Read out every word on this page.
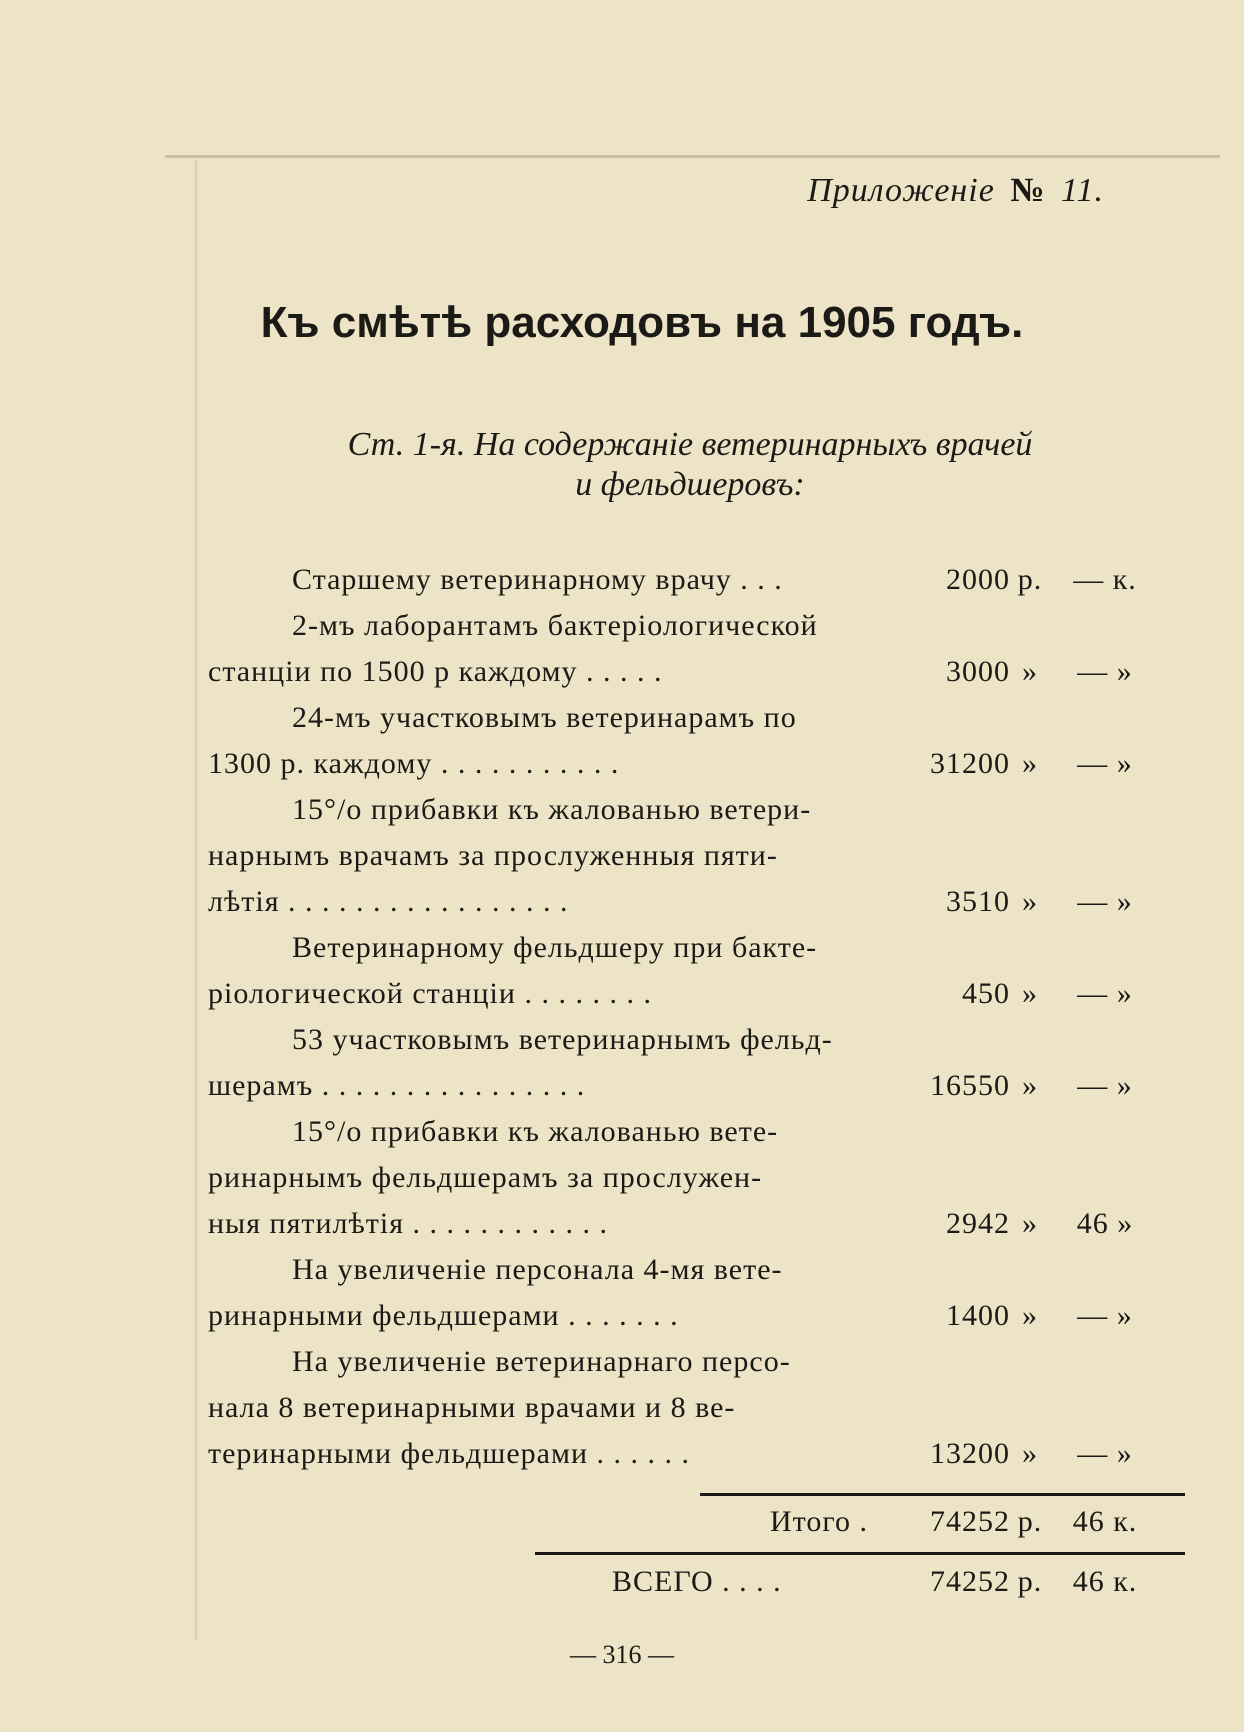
Приложенiе № 11.
Къ смѣтѣ расходовъ на 1905 годъ.
Ст. 1-я. На содержанiе ветеринарныхъ врачей
и фельдшеровъ:
Старшему ветеринарному врачу . . .	2000 р.	— к.
2-мъ лаборантамъ бактерiологической
станцiи по 1500 р каждому . . . . .	3000 »	— »
24-мъ участковымъ ветеринарамъ по
1300 р. каждому . . . . . . . . . . .	31200 »	— »
15°/о прибавки къ жалованью ветери-
нарнымъ врачамъ за прослуженныя пяти-
лѣтiя . . . . . . . . . . . . . . . . .	3510 »	— »
Ветеринарному фельдшеру при бакте-
рiологической станцiи . . . . . . . .	450 »	— »
53 участковымъ ветеринарнымъ фельд-
шерамъ . . . . . . . . . . . . . . . .	16550 »	— »
15°/о прибавки къ жалованью вете-
ринарнымъ фельдшерамъ за прослужен-
ныя пятилѣтiя . . . . . . . . . . . .	2942 »	46 »
На увеличенiе персонала 4-мя вете-
ринарными фельдшерами . . . . . . .	1400 »	— »
На увеличенiе ветеринарнаго персо-
нала 8 ветеринарными врачами и 8 ве-
теринарными фельдшерами . . . . . .	13200 »	— »
Итого .	74252 р.	46 к.
ВСЕГО . . . .	74252 р.	46 к.
— 316 —
